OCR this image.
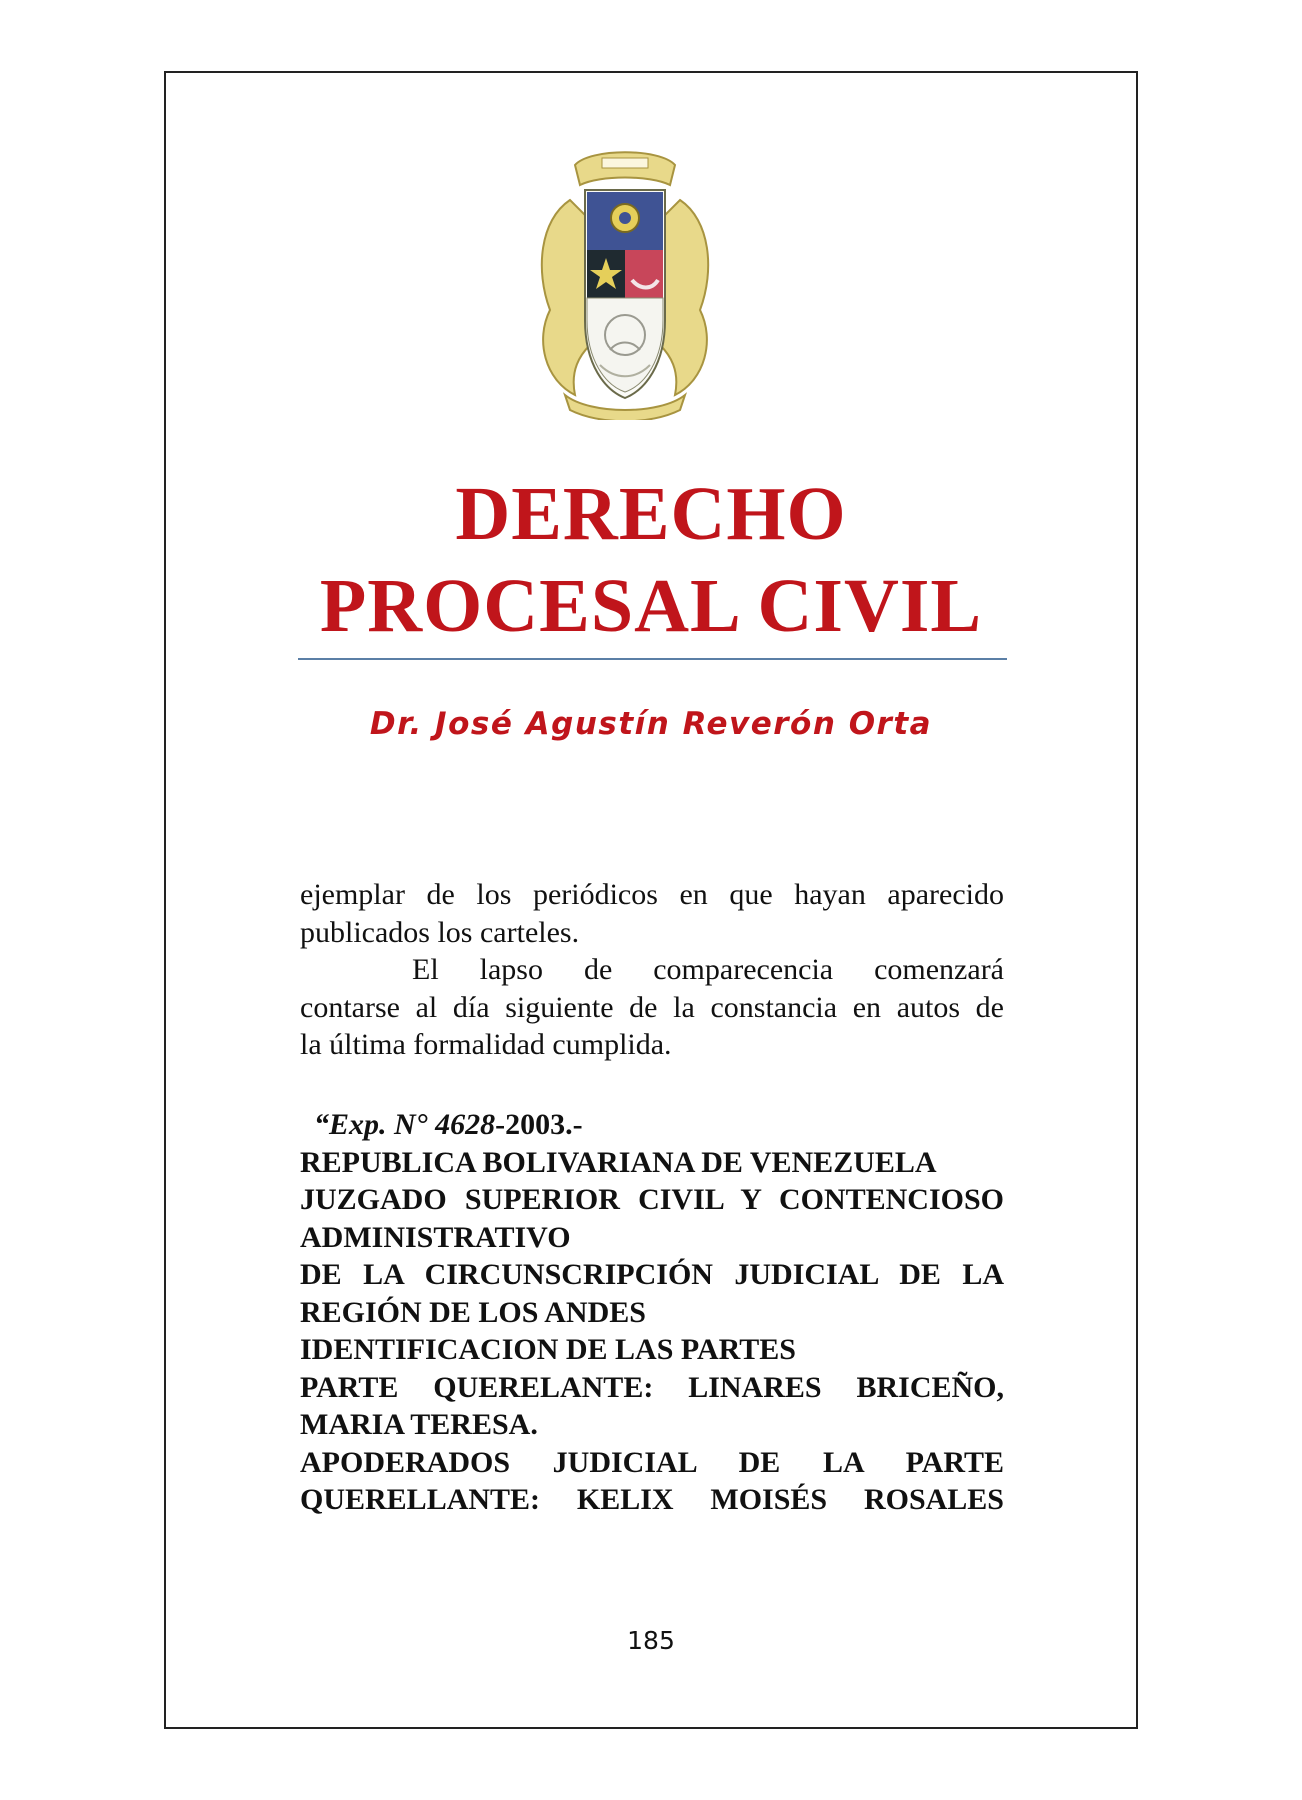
DERECHO
PROCESAL CIVIL
Dr. José Agustín Reverón Orta

ejemplar de los periódicos en que hayan aparecido

publicados los carteles.

El lapso de comparecencia comenzará

contarse al día siguiente de la constancia en autos de

la última formalidad cumplida.

“Exp. N° 4628-2003.-

REPUBLICA BOLIVARIANA DE VENEZUELA

JUZGADO SUPERIOR CIVIL Y CONTENCIOSO ADMINISTRATIVO

DE LA CIRCUNSCRIPCIÓN JUDICIAL DE LA REGIÓN DE LOS ANDES

IDENTIFICACION DE LAS PARTES

PARTE QUERELANTE: LINARES BRICEÑO, MARIA TERESA.

APODERADOS JUDICIAL DE LA PARTE QUERELLANTE: KELIX MOISÉS ROSALES

185
